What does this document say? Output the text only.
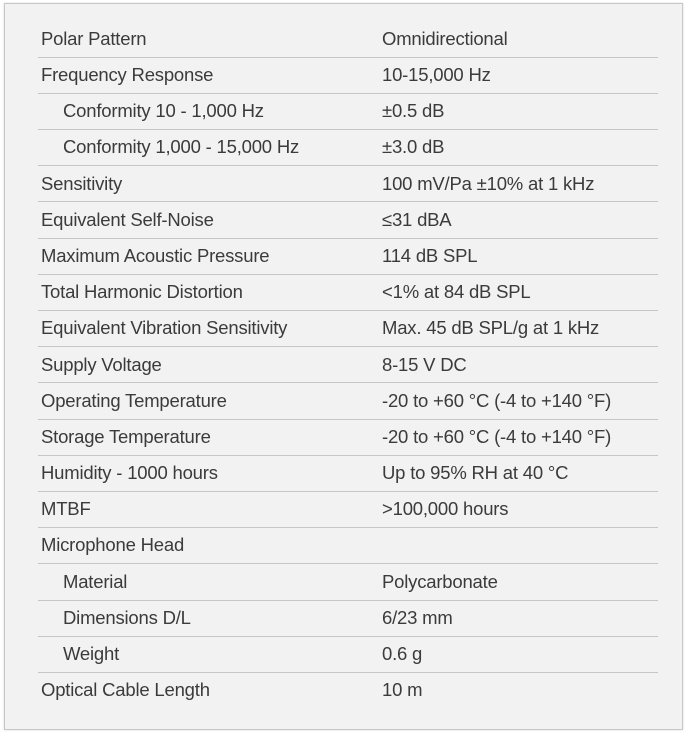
Polar Pattern	Omnidirectional
Frequency Response	10-15,000 Hz
Conformity 10 - 1,000 Hz	±0.5 dB
Conformity 1,000 - 15,000 Hz	±3.0 dB
Sensitivity	100 mV/Pa ±10% at 1 kHz
Equivalent Self-Noise	≤31 dBA
Maximum Acoustic Pressure	114 dB SPL
Total Harmonic Distortion	<1% at 84 dB SPL
Equivalent Vibration Sensitivity	Max. 45 dB SPL/g at 1 kHz
Supply Voltage	8-15 V DC
Operating Temperature	-20 to +60 °C (-4 to +140 °F)
Storage Temperature	-20 to +60 °C (-4 to +140 °F)
Humidity - 1000 hours	Up to 95% RH at 40 °C
MTBF	>100,000 hours
Microphone Head	
Material	Polycarbonate
Dimensions D/L	6/23 mm
Weight	0.6 g
Optical Cable Length	10 m
